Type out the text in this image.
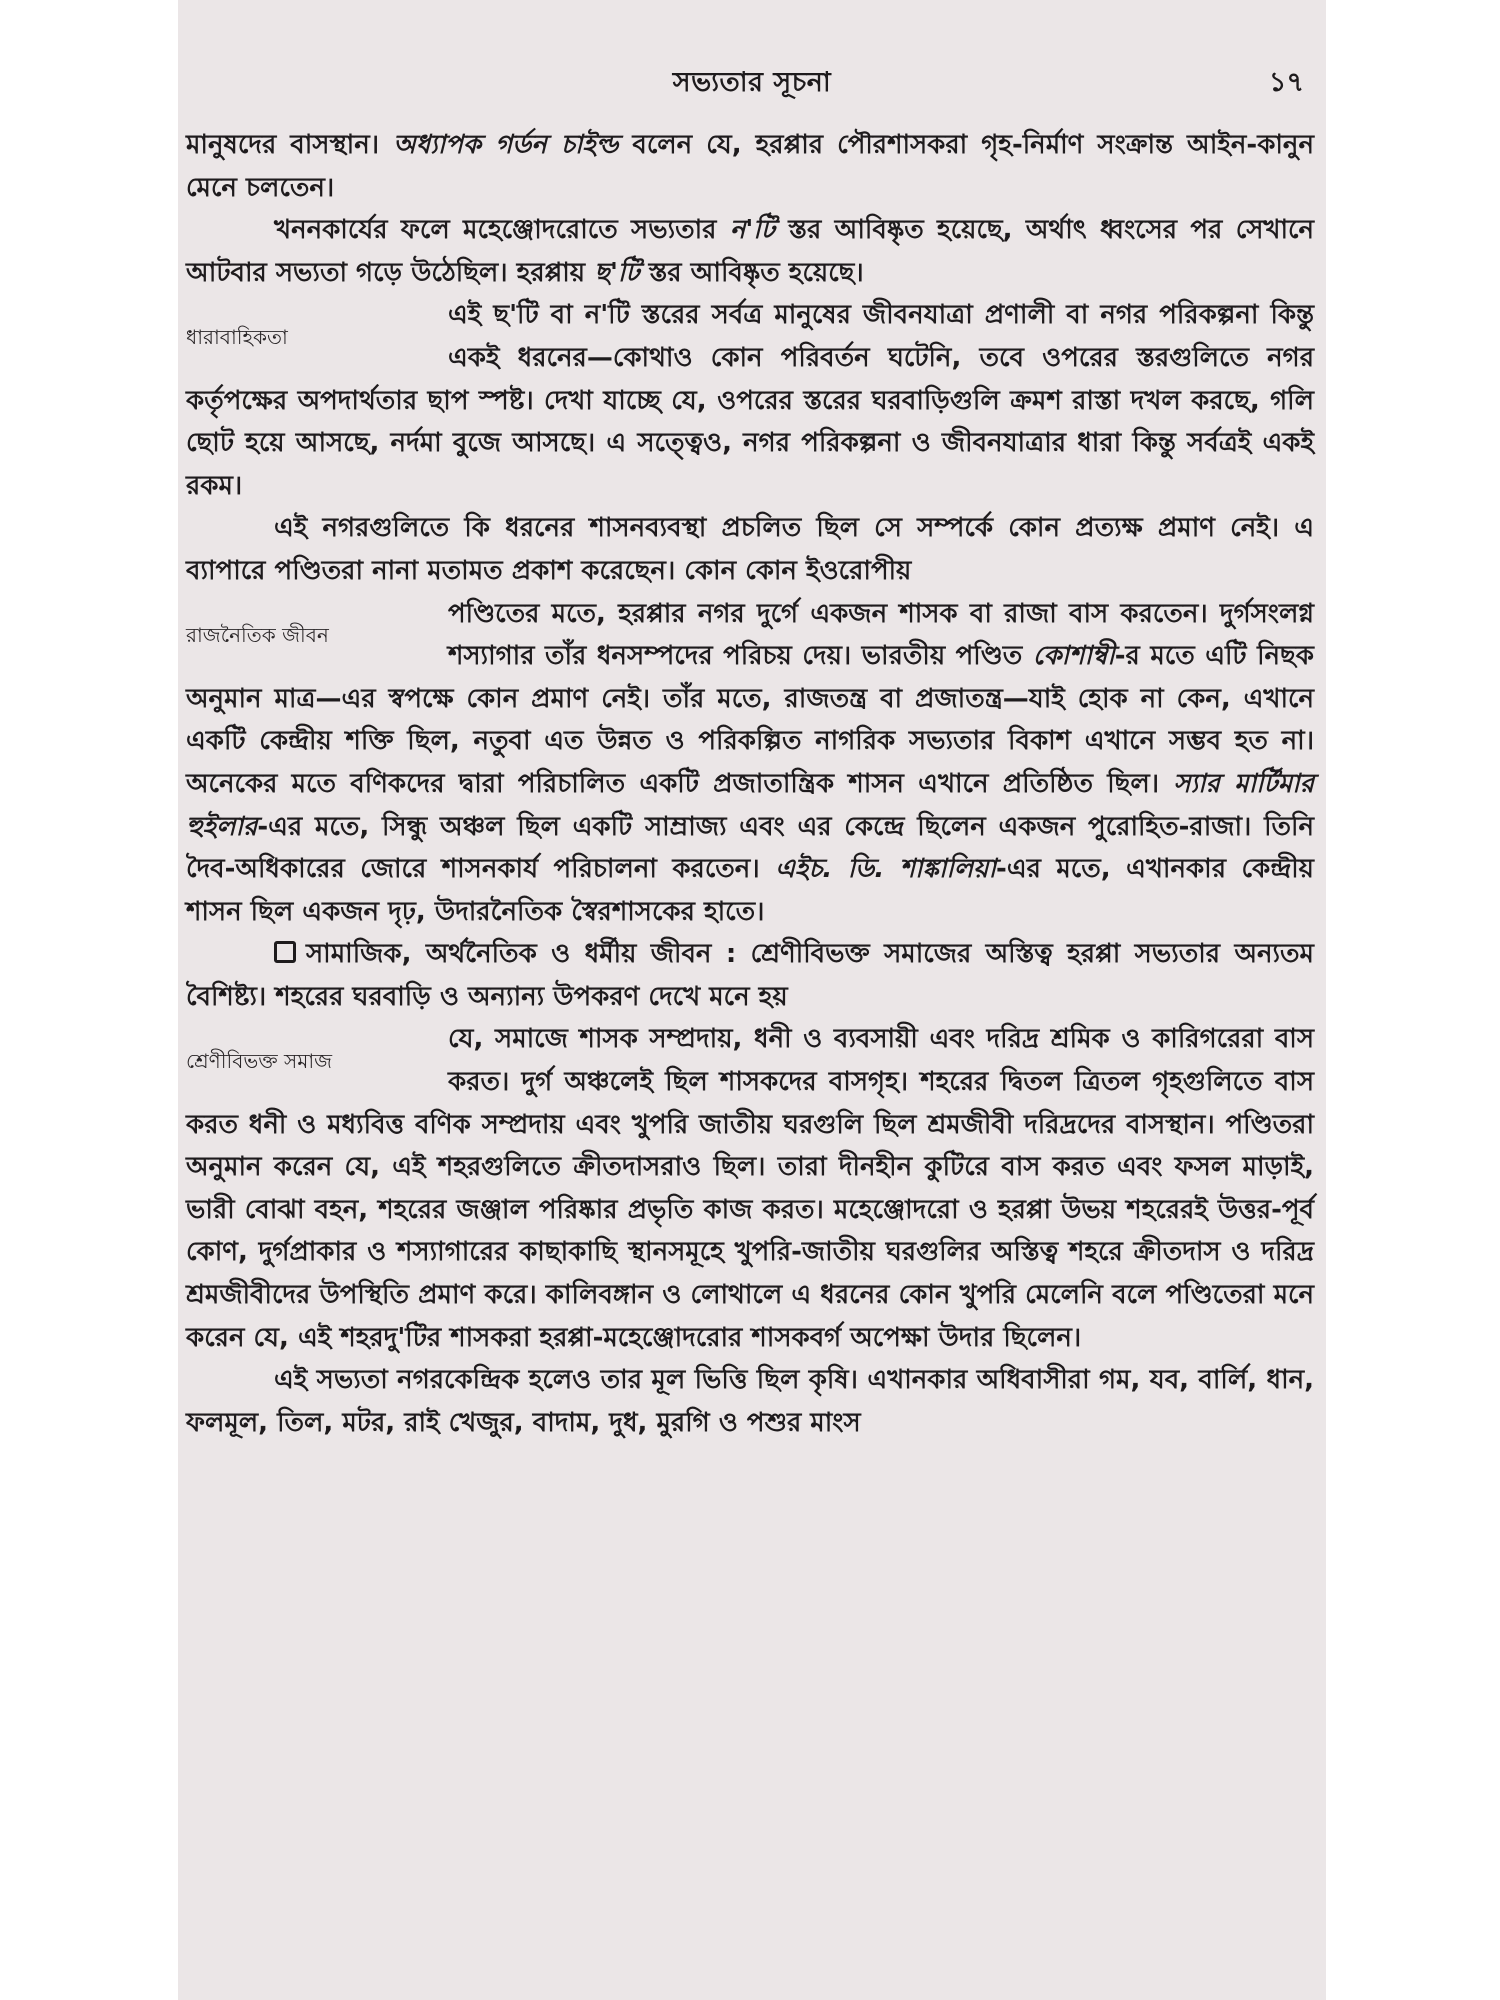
সভ্যতার সূচনা	১৭

মানুষদের বাসস্থান। অধ্যাপক গর্ডন চাইল্ড বলেন যে, হরপ্পার পৌরশাসকরা গৃহ-নির্মাণ সংক্রান্ত আইন-কানুন মেনে চলতেন।

খননকার্যের ফলে মহেঞ্জোদরোতে সভ্যতার ন'টি স্তর আবিষ্কৃত হয়েছে, অর্থাৎ ধ্বংসের পর সেখানে আটবার সভ্যতা গড়ে উঠেছিল। হরপ্পায় ছ'টি স্তর আবিষ্কৃত হয়েছে।

ধারাবাহিকতা

এই ছ'টি বা ন'টি স্তরের সর্বত্র মানুষের জীবনযাত্রা প্রণালী বা নগর পরিকল্পনা কিন্তু একই ধরনের—কোথাও কোন পরিবর্তন ঘটেনি, তবে ওপরের স্তরগুলিতে নগর কর্তৃপক্ষের অপদার্থতার ছাপ স্পষ্ট। দেখা যাচ্ছে যে, ওপরের স্তরের ঘরবাড়িগুলি ক্রমশ রাস্তা দখল করছে, গলি ছোট হয়ে আসছে, নর্দমা বুজে আসছে। এ সত্ত্বেও, নগর পরিকল্পনা ও জীবনযাত্রার ধারা কিন্তু সর্বত্রই একই রকম।

এই নগরগুলিতে কি ধরনের শাসনব্যবস্থা প্রচলিত ছিল সে সম্পর্কে কোন প্রত্যক্ষ প্রমাণ নেই। এ ব্যাপারে পণ্ডিতরা নানা মতামত প্রকাশ করেছেন। কোন কোন ইওরোপীয়

রাজনৈতিক জীবন

পণ্ডিতের মতে, হরপ্পার নগর দুর্গে একজন শাসক বা রাজা বাস করতেন। দুর্গসংলগ্ন শস্যাগার তাঁর ধনসম্পদের পরিচয় দেয়। ভারতীয় পণ্ডিত কোশাম্বী-র মতে এটি নিছক অনুমান মাত্র—এর স্বপক্ষে কোন প্রমাণ নেই। তাঁর মতে, রাজতন্ত্র বা প্রজাতন্ত্র—যাই হোক না কেন, এখানে একটি কেন্দ্রীয় শক্তি ছিল, নতুবা এত উন্নত ও পরিকল্পিত নাগরিক সভ্যতার বিকাশ এখানে সম্ভব হত না। অনেকের মতে বণিকদের দ্বারা পরিচালিত একটি প্রজাতান্ত্রিক শাসন এখানে প্রতিষ্ঠিত ছিল। স্যার মার্টিমার হুইলার-এর মতে, সিন্ধু অঞ্চল ছিল একটি সাম্রাজ্য এবং এর কেন্দ্রে ছিলেন একজন পুরোহিত-রাজা। তিনি দৈব-অধিকারের জোরে শাসনকার্য পরিচালনা করতেন। এইচ. ডি. শাঙ্কালিয়া-এর মতে, এখানকার কেন্দ্রীয় শাসন ছিল একজন দৃঢ়, উদারনৈতিক স্বৈরশাসকের হাতে।

সামাজিক, অর্থনৈতিক ও ধর্মীয় জীবন : শ্রেণীবিভক্ত সমাজের অস্তিত্ব হরপ্পা সভ্যতার অন্যতম বৈশিষ্ট্য। শহরের ঘরবাড়ি ও অন্যান্য উপকরণ দেখে মনে হয়

শ্রেণীবিভক্ত সমাজ

যে, সমাজে শাসক সম্প্রদায়, ধনী ও ব্যবসায়ী এবং দরিদ্র শ্রমিক ও কারিগরেরা বাস করত। দুর্গ অঞ্চলেই ছিল শাসকদের বাসগৃহ। শহরের দ্বিতল ত্রিতল গৃহগুলিতে বাস করত ধনী ও মধ্যবিত্ত বণিক সম্প্রদায় এবং খুপরি জাতীয় ঘরগুলি ছিল শ্রমজীবী দরিদ্রদের বাসস্থান। পণ্ডিতরা অনুমান করেন যে, এই শহরগুলিতে ক্রীতদাসরাও ছিল। তারা দীনহীন কুটিরে বাস করত এবং ফসল মাড়াই, ভারী বোঝা বহন, শহরের জঞ্জাল পরিষ্কার প্রভৃতি কাজ করত। মহেঞ্জোদরো ও হরপ্পা উভয় শহরেরই উত্তর-পূর্ব কোণ, দুর্গপ্রাকার ও শস্যাগারের কাছাকাছি স্থানসমূহে খুপরি-জাতীয় ঘরগুলির অস্তিত্ব শহরে ক্রীতদাস ও দরিদ্র শ্রমজীবীদের উপস্থিতি প্রমাণ করে। কালিবঙ্গান ও লোথালে এ ধরনের কোন খুপরি মেলেনি বলে পণ্ডিতেরা মনে করেন যে, এই শহরদু'টির শাসকরা হরপ্পা-মহেঞ্জোদরোর শাসকবর্গ অপেক্ষা উদার ছিলেন।

এই সভ্যতা নগরকেন্দ্রিক হলেও তার মূল ভিত্তি ছিল কৃষি। এখানকার অধিবাসীরা গম, যব, বার্লি, ধান, ফলমূল, তিল, মটর, রাই খেজুর, বাদাম, দুধ, মুরগি ও পশুর মাংস
